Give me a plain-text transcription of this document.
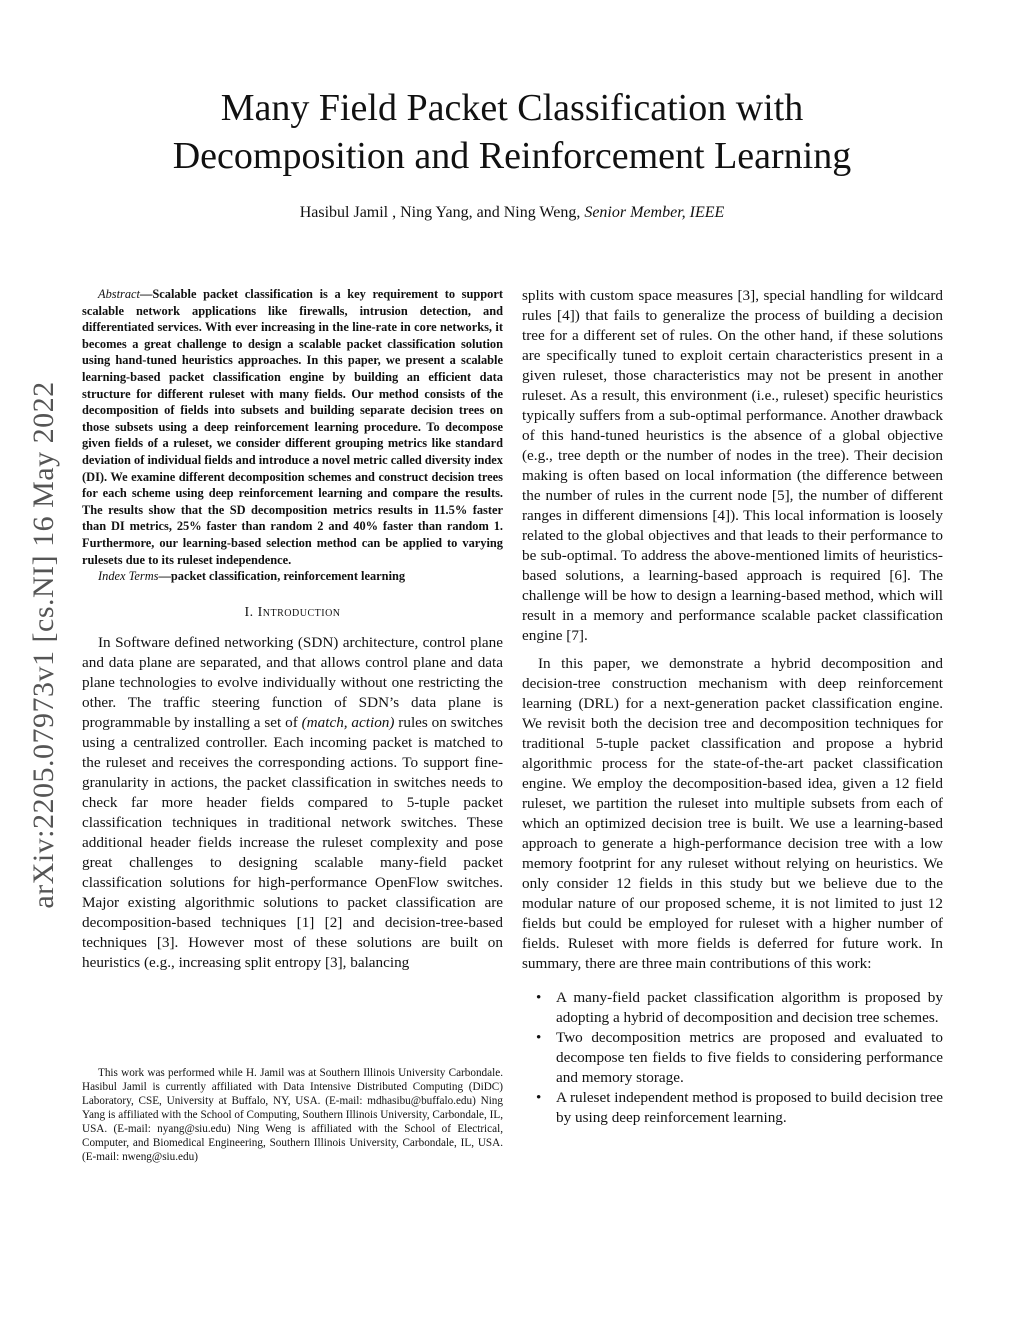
Many Field Packet Classification with
Decomposition and Reinforcement Learning
Hasibul Jamil , Ning Yang, and Ning Weng, Senior Member, IEEE
arXiv:2205.07973v1 [cs.NI] 16 May 2022

Abstract—Scalable packet classification is a key requirement to support scalable network applications like firewalls, intrusion detection, and differentiated services. With ever increasing in the line-rate in core networks, it becomes a great challenge to design a scalable packet classification solution using hand-tuned heuristics approaches. In this paper, we present a scalable learning-based packet classification engine by building an efficient data structure for different ruleset with many fields. Our method consists of the decomposition of fields into subsets and building separate decision trees on those subsets using a deep reinforcement learning procedure. To decompose given fields of a ruleset, we consider different grouping metrics like standard deviation of individual fields and introduce a novel metric called diversity index (DI). We examine different decomposition schemes and construct decision trees for each scheme using deep reinforcement learning and compare the results. The results show that the SD decomposition metrics results in 11.5% faster than DI metrics, 25% faster than random 2 and 40% faster than random 1. Furthermore, our learning-based selection method can be applied to varying rulesets due to its ruleset independence.

Index Terms—packet classification, reinforcement learning

I. Introduction

In Software defined networking (SDN) architecture, control plane and data plane are separated, and that allows control plane and data plane technologies to evolve individually without one restricting the other. The traffic steering function of SDN’s data plane is programmable by installing a set of (match, action) rules on switches using a centralized controller. Each incoming packet is matched to the ruleset and receives the corresponding actions. To support fine-granularity in actions, the packet classification in switches needs to check far more header fields compared to 5-tuple packet classification techniques in traditional network switches. These additional header fields increase the ruleset complexity and pose great challenges to designing scalable many-field packet classification solutions for high-performance OpenFlow switches. Major existing algorithmic solutions to packet classification are decomposition-based techniques [1] [2] and decision-tree-based techniques [3]. However most of these solutions are built on heuristics (e.g., increasing split entropy [3], balancing

This work was performed while H. Jamil was at Southern Illinois University Carbondale. Hasibul Jamil is currently affiliated with Data Intensive Distributed Computing (DiDC) Laboratory, CSE, University at Buffalo, NY, USA. (E-mail: mdhasibu@buffalo.edu) Ning Yang is affiliated with the School of Computing, Southern Illinois University, Carbondale, IL, USA. (E-mail: nyang@siu.edu) Ning Weng is affiliated with the School of Electrical, Computer, and Biomedical Engineering, Southern Illinois University, Carbondale, IL, USA. (E-mail: nweng@siu.edu)

splits with custom space measures [3], special handling for wildcard rules [4]) that fails to generalize the process of building a decision tree for a different set of rules. On the other hand, if these solutions are specifically tuned to exploit certain characteristics present in a given ruleset, those characteristics may not be present in another ruleset. As a result, this environment (i.e., ruleset) specific heuristics typically suffers from a sub-optimal performance. Another drawback of this hand-tuned heuristics is the absence of a global objective (e.g., tree depth or the number of nodes in the tree). Their decision making is often based on local information (the difference between the number of rules in the current node [5], the number of different ranges in different dimensions [4]). This local information is loosely related to the global objectives and that leads to their performance to be sub-optimal. To address the above-mentioned limits of heuristics-based solutions, a learning-based approach is required [6]. The challenge will be how to design a learning-based method, which will result in a memory and performance scalable packet classification engine [7].

In this paper, we demonstrate a hybrid decomposition and decision-tree construction mechanism with deep reinforcement learning (DRL) for a next-generation packet classification engine. We revisit both the decision tree and decomposition techniques for traditional 5-tuple packet classification and propose a hybrid algorithmic process for the state-of-the-art packet classification engine. We employ the decomposition-based idea, given a 12 field ruleset, we partition the ruleset into multiple subsets from each of which an optimized decision tree is built. We use a learning-based approach to generate a high-performance decision tree with a low memory footprint for any ruleset without relying on heuristics. We only consider 12 fields in this study but we believe due to the modular nature of our proposed scheme, it is not limited to just 12 fields but could be employed for ruleset with a higher number of fields. Ruleset with more fields is deferred for future work. In summary, there are three main contributions of this work:

• A many-field packet classification algorithm is proposed by adopting a hybrid of decomposition and decision tree schemes.
• Two decomposition metrics are proposed and evaluated to decompose ten fields to five fields to considering performance and memory storage.
• A ruleset independent method is proposed to build decision tree by using deep reinforcement learning.
